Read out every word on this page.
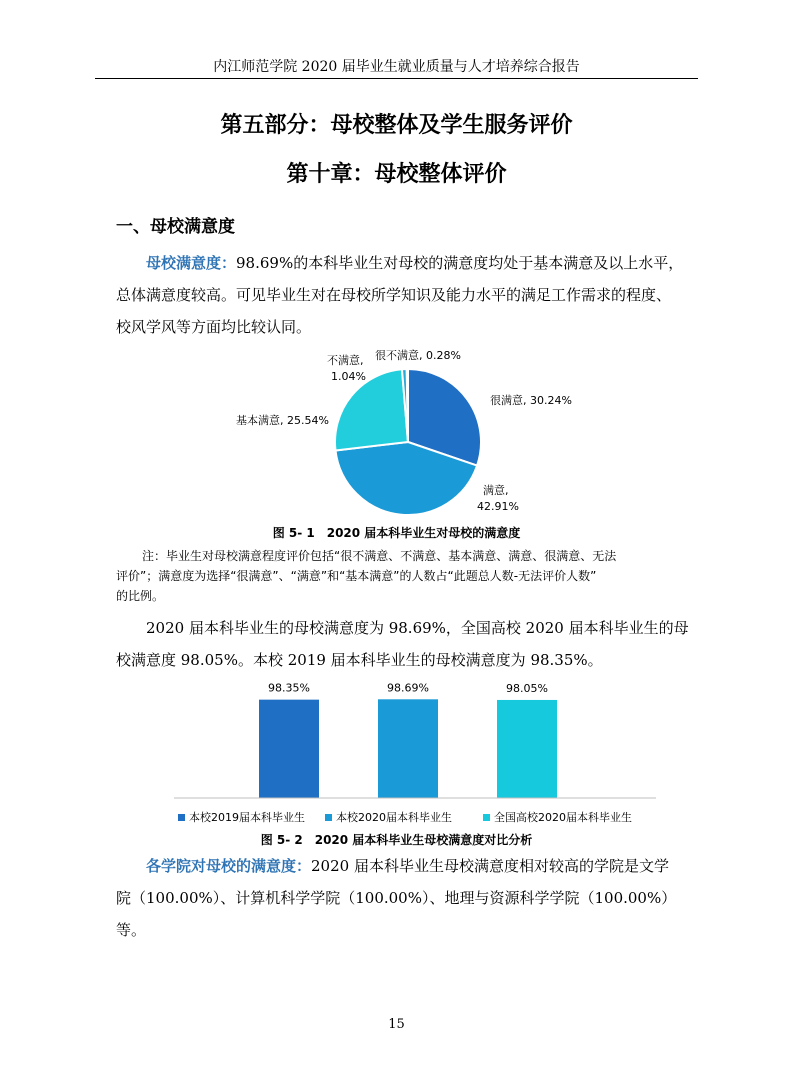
内江师范学院 2020 届毕业生就业质量与人才培养综合报告
第五部分：母校整体及学生服务评价
第十章：母校整体评价
一、母校满意度

母校满意度：98.69%的本科毕业生对母校的满意度均处于基本满意及以上水平，

总体满意度较高。可见毕业生对在母校所学知识及能力水平的满足工作需求的程度、

校风学风等方面均比较认同。

很不满意, 0.28%
不满意,
1.04%
很满意, 30.24%
基本满意, 25.54%
满意,
42.91%
图 5- 1　2020 届本科毕业生对母校的满意度
注：毕业生对母校满意程度评价包括“很不满意、不满意、基本满意、满意、很满意、无法
评价”；满意度为选择“很满意”、“满意”和“基本满意”的人数占“此题总人数-无法评价人数”
的比例。

2020 届本科毕业生的母校满意度为 98.69%，全国高校 2020 届本科毕业生的母

校满意度 98.05%。本校 2019 届本科毕业生的母校满意度为 98.35%。

98.35%	98.69%	98.05%
本校2019届本科毕业生	本校2020届本科毕业生	全国高校2020届本科毕业生
图 5- 2　2020 届本科毕业生母校满意度对比分析

各学院对母校的满意度：2020 届本科毕业生母校满意度相对较高的学院是文学

院（100.00%）、计算机科学学院（100.00%）、地理与资源科学学院（100.00%）等。

15
